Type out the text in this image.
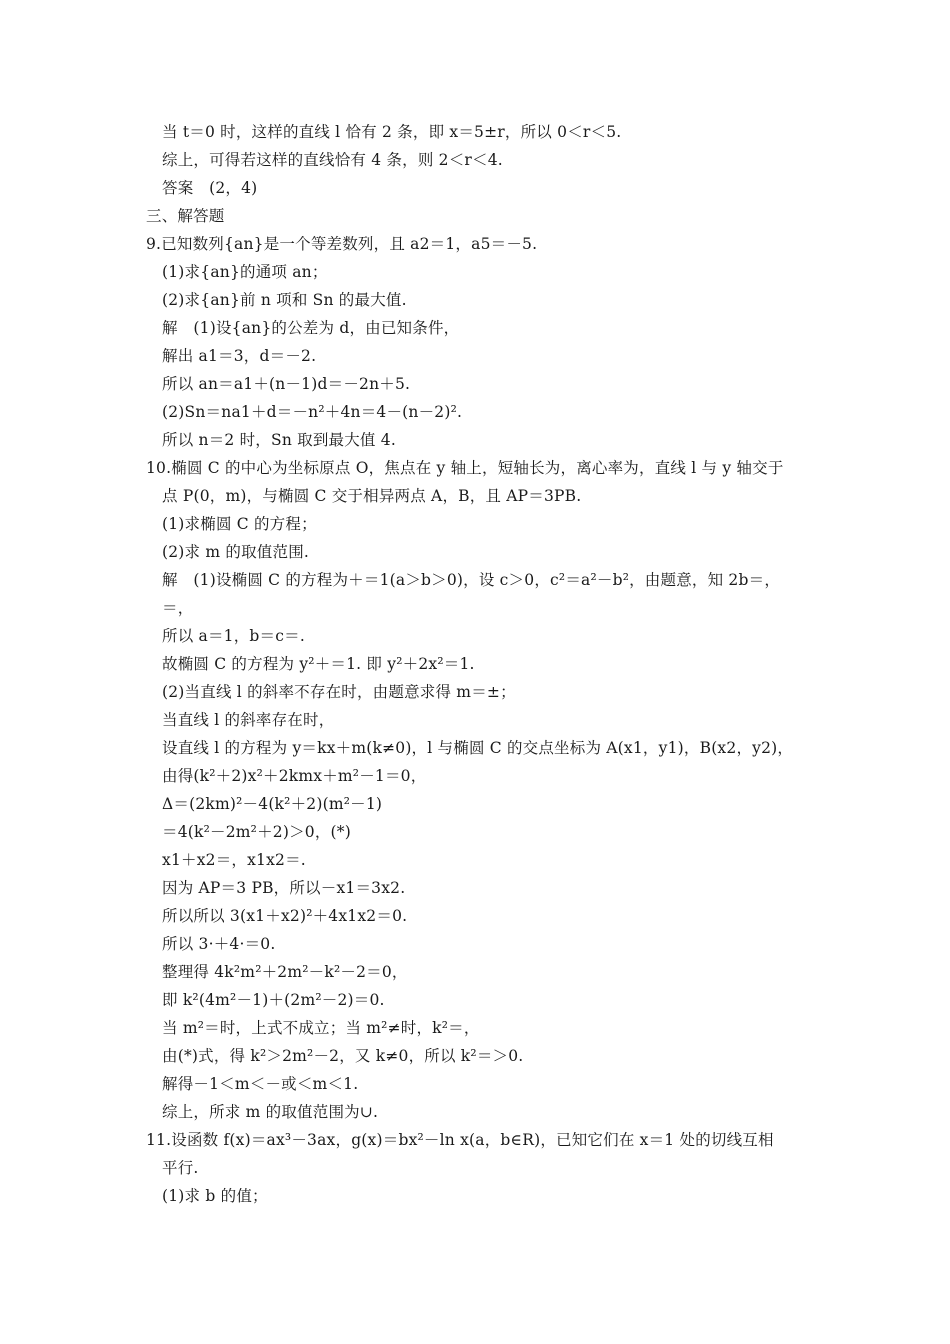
当 t＝0 时，这样的直线 l 恰有 2 条，即 x＝5±r，所以 0＜r＜5.
综上，可得若这样的直线恰有 4 条，则 2＜r＜4.
答案　(2，4)
三、解答题
9.已知数列{an}是一个等差数列，且 a2＝1，a5＝－5.
(1)求{an}的通项 an；
(2)求{an}前 n 项和 Sn 的最大值.
解　(1)设{an}的公差为 d，由已知条件，
解出 a1＝3，d＝－2.
所以 an＝a1＋(n－1)d＝－2n＋5.
(2)Sn＝na1＋d＝－n²＋4n＝4－(n－2)².
所以 n＝2 时，Sn 取到最大值 4.
10.椭圆 C 的中心为坐标原点 O，焦点在 y 轴上，短轴长为，离心率为，直线 l 与 y 轴交于
点 P(0，m)，与椭圆 C 交于相异两点 A，B，且 AP＝3PB.
(1)求椭圆 C 的方程；
(2)求 m 的取值范围.
解　(1)设椭圆 C 的方程为＋＝1(a＞b＞0)，设 c＞0，c²＝a²－b²，由题意，知 2b＝，
＝，
所以 a＝1，b＝c＝.
故椭圆 C 的方程为 y²＋＝1. 即 y²＋2x²＝1.
(2)当直线 l 的斜率不存在时，由题意求得 m＝±；
当直线 l 的斜率存在时，
设直线 l 的方程为 y＝kx＋m(k≠0)，l 与椭圆 C 的交点坐标为 A(x1，y1)，B(x2，y2)，
由得(k²＋2)x²＋2kmx＋m²－1＝0，
Δ＝(2km)²－4(k²＋2)(m²－1)
＝4(k²－2m²＋2)＞0，(*)
x1＋x2＝，x1x2＝.
因为 AP＝3 PB，所以－x1＝3x2.
所以所以 3(x1＋x2)²＋4x1x2＝0.
所以 3·＋4·＝0.
整理得 4k²m²＋2m²－k²－2＝0，
即 k²(4m²－1)＋(2m²－2)＝0.
当 m²＝时，上式不成立；当 m²≠时，k²＝，
由(*)式，得 k²＞2m²－2，又 k≠0，所以 k²＝＞0.
解得－1＜m＜－或＜m＜1.
综上，所求 m 的取值范围为∪.
11.设函数 f(x)＝ax³－3ax，g(x)＝bx²－ln x(a，b∈R)，已知它们在 x＝1 处的切线互相
平行.
(1)求 b 的值；
